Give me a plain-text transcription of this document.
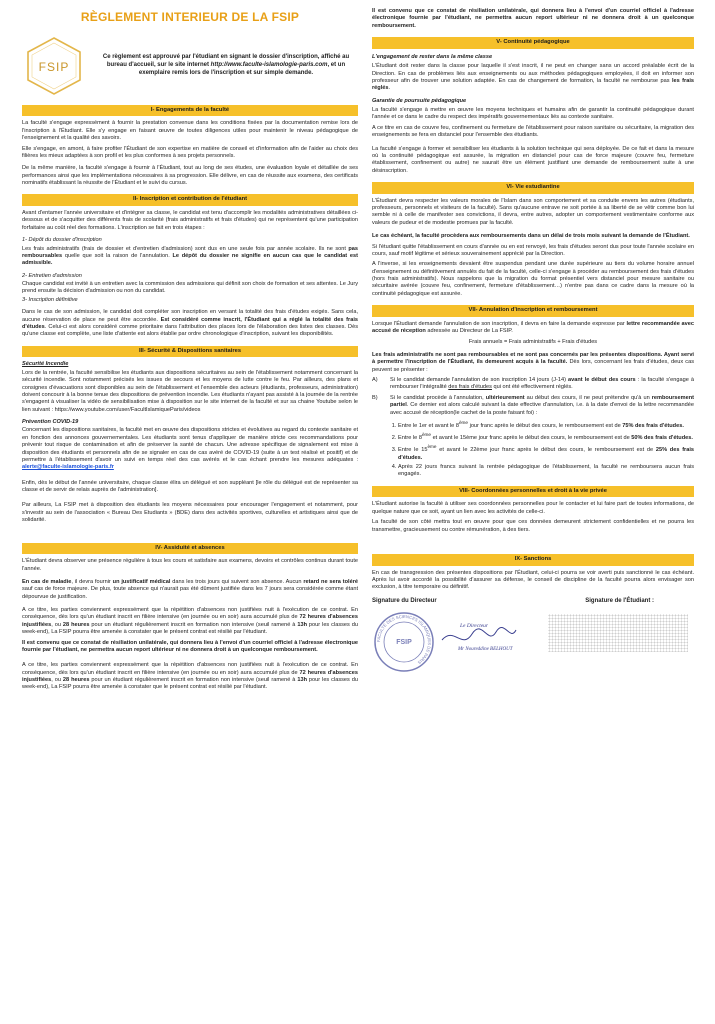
RÈGLEMENT INTERIEUR DE LA FSIP
FSIP
Ce règlement est approuvé par l'étudiant en signant le dossier d'inscription, affiché au bureau d'accueil, sur le site internet http://www.faculte-islamologie-paris.com, et un exemplaire remis lors de l'inscription et sur simple demande.
I- Engagements de la faculté

La faculté s'engage expressément à fournir la prestation convenue dans les conditions fixées par la documentation remise lors de l'inscription à l'Étudiant. Elle s'y engage en faisant œuvre de toutes diligences utiles pour maintenir le niveau pédagogique de l'enseignement et la qualité des savoirs.

Elle s'engage, en amont, à faire profiter l'Étudiant de son expertise en matière de conseil et d'information afin de l'aider au choix des filières les mieux adaptées à son profil et les plus conformes à ses projets personnels.

De la même manière, la faculté s'engage à fournir à l'Étudiant, tout au long de ses études, une évaluation loyale et détaillée de ses performances ainsi que les implémentations nécessaires à sa progression. Elle délivre, en cas de réussite aux examens, des certificats nominatifs établissant la réussite de l'Étudiant et le suivi du cursus.

II- Inscription et contribution de l'étudiant

Avant d'entamer l'année universitaire et d'intégrer sa classe, le candidat est tenu d'accomplir les modalités administratives détaillées ci-dessous et de s'acquitter des différents frais de scolarité (frais administratifs et frais d'études) qui ne représentent qu'une participation forfaitaire au coût réel des formations. L'inscription se fait en trois étapes :

1- Dépôt du dossier d'inscription

Les frais administratifs (frais de dossier et d'entretien d'admission) sont dus en une seule fois par année scolaire. Ils ne sont pas remboursables quelle que soit la raison de l'annulation. Le dépôt du dossier ne signifie en aucun cas que le candidat est admissible.

2- Entretien d'admission

Chaque candidat est invité à un entretien avec la commission des admissions qui définit son choix de formation et ses attentes. Le Jury prend ensuite la décision d'admission ou non du candidat.

3- Inscription définitive

Dans le cas de son admission, le candidat doit compléter son inscription en versant la totalité des frais d'études exigés. Sans cela, aucune réservation de place ne peut être accordée. Est considéré comme inscrit, l'Étudiant qui a réglé la totalité des frais d'études. Celui-ci est alors considéré comme prioritaire dans l'attribution des places lors de l'élaboration des listes des classes. Dès qu'une classe est complète, une liste d'attente est alors établie par ordre chronologique d'inscription, suivant les disponibilités.

III- Sécurité & Dispositions sanitaires

Sécurité Incendie

Lors de la rentrée, la faculté sensibilise les étudiants aux dispositions sécuritaires au sein de l'établissement notamment concernant la sécurité incendie. Sont notamment précisés les issues de secours et les moyens de lutte contre le feu. Par ailleurs, des plans et consignes d'évacuations sont disponibles au sein de l'établissement et l'ensemble des acteurs (étudiants, professeurs, administration) doivent concourir à la bonne tenue des dispositions de prévention incendie. Les étudiants n'ayant pas assisté à la journée de la rentrée s'engagent à visualiser la vidéo de sensibilisation mise à disposition sur le site internet de la faculté et sur sa chaine Youtube selon le lien suivant : https://www.youtube.com/user/FacultIslamiqueParis/videos

Prévention COVID-19

Concernant les dispositions sanitaires, la faculté met en œuvre des dispositions strictes et évolutives au regard du contexte sanitaire et en fonction des annonces gouvernementales. Les étudiants sont tenus d'appliquer de manière stricte ces recommandations pour prévenir tout risque de contamination et afin de préserver la santé de chacun. Une adresse spécifique de signalement est mise à disposition des étudiants et personnels afin de se signaler en cas de cas avéré de COVID-19 (suite à un test réalisé et positif) et de permettre à l'établissement d'avoir un suivi en temps réel des cas avérés et le cas échant prendre les mesures adéquates : alerte@faculte-islamologie-paris.fr

Enfin, dès le début de l'année universitaire, chaque classe élira un délégué et son suppléant [le rôle du délégué est de représenter sa classe et de servir de relais auprès de l'administration].

Par ailleurs, La FSIP met à disposition des étudiants les moyens nécessaires pour encourager l'engagement et notamment, pour s'investir au sein de l'association « Bureau Des Etudiants » (BDE) dans des activités sportives, culturelles et artistiques ainsi que de solidarité.

IV- Assiduité et absences

L'Étudiant devra observer une présence régulière à tous les cours et satisfaire aux examens, devoirs et contrôles continus durant toute l'année.

En cas de maladie, il devra fournir un justificatif médical dans les trois jours qui suivent son absence. Aucun retard ne sera toléré sauf cas de force majeure. De plus, toute absence qui n'aurait pas été dûment justifiée dans les 7 jours sera considérée comme étant dépourvue de justification.

A ce titre, les parties conviennent expressément que la répétition d'absences non justifiées nuit à l'exécution de ce contrat. En conséquence, dès lors qu'un étudiant inscrit en filière intensive (en journée ou en soir) aura accumulé plus de 72 heures d'absences injustifiées, ou 28 heures pour un étudiant régulièrement inscrit en formation non intensive (seuil ramené à 13h pour les classes du week-end), La FSIP pourra être amenée à constater que le présent contrat est résilié par l'étudiant.

Il est convenu que ce constat de résiliation unilatérale, qui donnera lieu à l'envoi d'un courriel officiel à l'adresse électronique fournie par l'étudiant, ne permettra aucun report ultérieur ni ne donnera droit à un quelconque remboursement.

A ce titre, les parties conviennent expressément que la répétition d'absences non justifiées nuit à l'exécution de ce contrat. En conséquence, dès lors qu'un étudiant inscrit en filière intensive (en journée ou en soir) aura accumulé plus de 72 heures d'absences injustifiées, ou 28 heures pour un étudiant régulièrement inscrit en formation non intensive (seuil ramené à 13h pour les classes du week-end), La FSIP pourra être amenée à constater que le présent contrat est résilié par l'étudiant.

Il est convenu que ce constat de résiliation unilatérale, qui donnera lieu à l'envoi d'un courriel officiel à l'adresse électronique fournie par l'étudiant, ne permettra aucun report ultérieur ni ne donnera droit à un quelconque remboursement.

V- Continuité pédagogique

L'engagement de rester dans la même classe

L'Étudiant doit rester dans la classe pour laquelle il s'est inscrit, il ne peut en changer sans un accord préalable écrit de la Direction. En cas de problèmes liés aux enseignements ou aux méthodes pédagogiques employées, il doit en informer son professeur afin de trouver une solution adaptée. En cas de changement de formation, la faculté ne rembourse pas les frais réglés.

Garantie de poursuite pédagogique

La faculté s'engage à mettre en œuvre les moyens techniques et humains afin de garantir la continuité pédagogique durant l'année et ce dans le cadre du respect des impératifs gouvernementaux liés au contexte sanitaire.

A ce titre en cas de couvre feu, confinement ou fermeture de l'établissement pour raison sanitaire ou sécuritaire, la migration des enseignements se fera en distanciel pour l'ensemble des étudiants.

La faculté s'engage à former et sensibiliser les étudiants à la solution technique qui sera déployée. De ce fait et dans la mesure où la continuité pédagogique est assurée, la migration en distanciel pour cas de force majeure (couvre feu, fermeture établissement, confinement ou autre) ne saurait être un élément justifiant une demande de remboursement suite à une désinscription.

VI- Vie estudiantine

L'Étudiant devra respecter les valeurs morales de l'Islam dans son comportement et sa conduite envers les autres (étudiants, professeurs, personnels et visiteurs de la faculté). Sans qu'aucune entrave ne soit portée à sa liberté de se vêtir comme bon lui semble ni à celle de manifester ses convictions, il devra, entre autres, adopter un comportement vestimentaire conforme aux valeurs de pudeur et de modestie promues par la faculté.

Le cas échéant, la faculté procèdera aux remboursements dans un délai de trois mois suivant la demande de l'Étudiant.

Si l'étudiant quitte l'établissement en cours d'année ou en est renvoyé, les frais d'études seront dus pour toute l'année scolaire en cours, sauf motif légitime et sérieux souverainement apprécié par la Direction.

A l'inverse, si les enseignements devaient être suspendus pendant une durée supérieure au tiers du volume horaire annuel d'enseignement ou définitivement annulés du fait de la faculté, celle-ci s'engage à procéder au remboursement des frais d'études (hors frais administratifs). Nous rappelons que la migration du format présentiel vers distanciel pour mesure sanitaire ou sécuritaire avérée (couvre feu, confinement, fermeture d'établissement…) n'entre pas dans ce cadre dans la mesure où la continuité pédagogique est assurée.

VII- Annulation d'inscription et remboursement

Lorsque l'Étudiant demande l'annulation de son inscription, il devra en faire la demande expresse par lettre recommandée avec accusé de réception adressée au Directeur de La FSIP.

Frais annuels = Frais administratifs + Frais d'études

Les frais administratifs ne sont pas remboursables et ne sont pas concernés par les présentes dispositions. Ayant servi à permettre l'inscription de l'Étudiant, ils demeurent acquis à la faculté. Dès lors, concernant les frais d'études, deux cas peuvent se présenter :

A)	Si le candidat demande l'annulation de son inscription 14 jours (J-14) avant le début des cours : la faculté s'engage à rembourser l'intégralité des frais d'études qui ont été effectivement réglés.
B)	Si le candidat procède à l'annulation, ultérieurement au début des cours, il ne peut prétendre qu'à un remboursement partiel. Ce dernier est alors calculé suivant la date effective d'annulation, i.e. à la date d'envoi de la lettre recommandée avec accusé de réception(le cachet de la poste faisant foi) :
1. Entre le 1er et avant le 8ème jour franc après le début des cours, le remboursement est de 75% des frais d'études.
2. Entre le 8ème et avant le 15ème jour franc après le début des cours, le remboursement est de 50% des frais d'études.
3. Entre le 15ème et avant le 22ème jour franc après le début des cours, le remboursement est de 25% des frais d'études.
4. Après 22 jours francs suivant la rentrée pédagogique de l'établissement, la faculté ne remboursera aucun frais engagés.
VIII- Coordonnées personnelles et droit à la vie privée

L'Étudiant autorise la faculté à utiliser ses coordonnées personnelles pour le contacter et lui faire part de toutes informations, de quelque nature que ce soit, ayant un lien avec les activités de celle-ci.

La faculté de son côté mettra tout en œuvre pour que ces données demeurent strictement confidentielles et ne pourra les transmettre, gracieusement ou contre rémunération, à des tiers.

IX- Sanctions

En cas de transgression des présentes dispositions par l'Étudiant, celui-ci pourra se voir averti puis sanctionné le cas échéant. Après lui avoir accordé la possibilité d'assurer sa défense, le conseil de discipline de la faculté pourra alors envisager son exclusion, à titre temporaire ou définitif.

Signature du Directeur	Signature de l'Étudiant :
FACULTÉ DES SCIENCES ISLAMIQUES DE PARIS
FSIP
Le Directeur
Mr Noureddine BELHOUT
